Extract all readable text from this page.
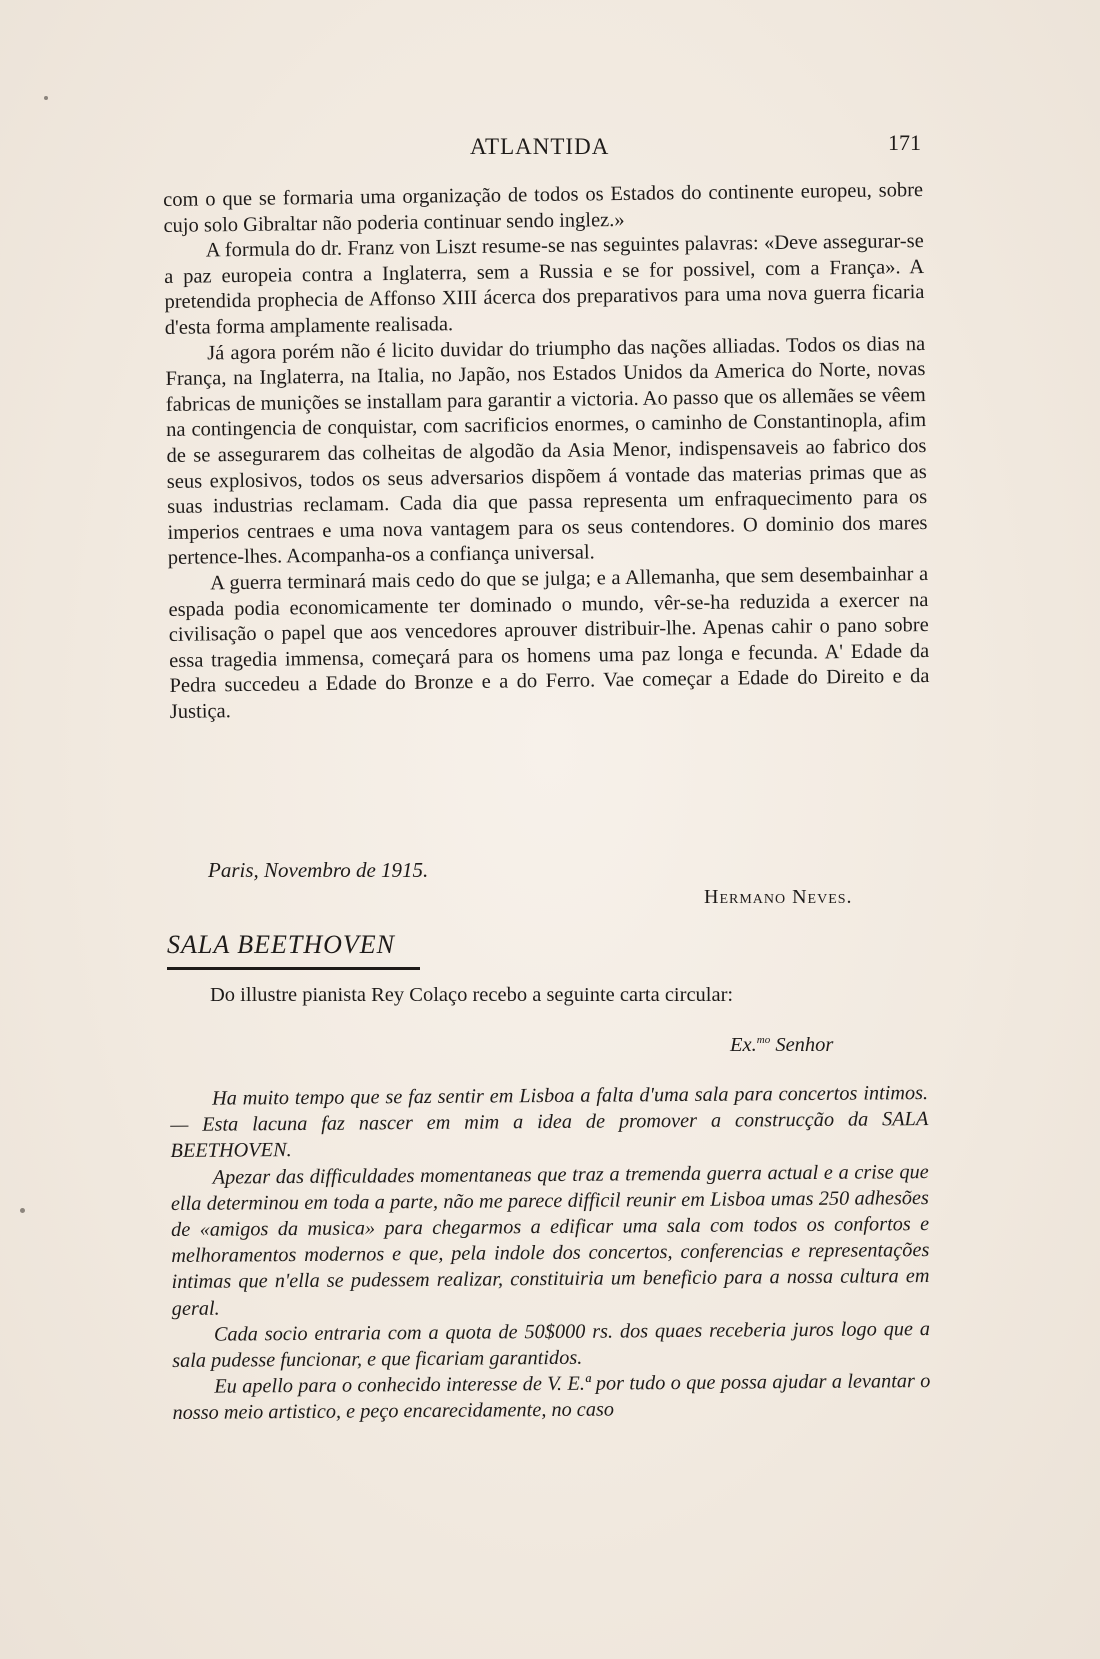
ATLANTIDA	171

com o que se formaria uma organização de todos os Estados do continente europeu, sobre cujo solo Gibraltar não poderia continuar sendo inglez.»

A formula do dr. Franz von Liszt resume-se nas seguintes palavras: «Deve assegurar-se a paz europeia contra a Inglaterra, sem a Russia e se for possivel, com a França». A pretendida prophecia de Affonso XIII ácerca dos preparativos para uma nova guerra ficaria d'esta forma amplamente realisada.

Já agora porém não é licito duvidar do triumpho das nações alliadas. Todos os dias na França, na Inglaterra, na Italia, no Japão, nos Estados Unidos da America do Norte, novas fabricas de munições se installam para garantir a victoria. Ao passo que os allemães se vêem na contingencia de conquistar, com sacrificios enormes, o caminho de Constantinopla, afim de se assegurarem das colheitas de algodão da Asia Menor, indispensaveis ao fabrico dos seus explosivos, todos os seus adversarios dispõem á vontade das materias primas que as suas industrias reclamam. Cada dia que passa representa um enfraquecimento para os imperios centraes e uma nova vantagem para os seus contendores. O dominio dos mares pertence-lhes. Acompanha-os a confiança universal.

A guerra terminará mais cedo do que se julga; e a Allemanha, que sem desembainhar a espada podia economicamente ter dominado o mundo, vêr-se-ha reduzida a exercer na civilisação o papel que aos vencedores aprouver distribuir-lhe. Apenas cahir o pano sobre essa tragedia immensa, começará para os homens uma paz longa e fecunda. A' Edade da Pedra succedeu a Edade do Bronze e a do Ferro. Vae começar a Edade do Direito e da Justiça.

Paris, Novembro de 1915.
Hermano Neves.
SALA BEETHOVEN
Do illustre pianista Rey Colaço recebo a seguinte carta circular:
Ex.$^{mo}$ Senhor

Ha muito tempo que se faz sentir em Lisboa a falta d'uma sala para concertos intimos. — Esta lacuna faz nascer em mim a idea de promover a construcção da SALA BEETHOVEN.

Apezar das difficuldades momentaneas que traz a tremenda guerra actual e a crise que ella determinou em toda a parte, não me parece difficil reunir em Lisboa umas 250 adhesões de «amigos da musica» para chegarmos a edificar uma sala com todos os confortos e melhoramentos modernos e que, pela indole dos concertos, conferencias e representações intimas que n'ella se pudessem realizar, constituiria um beneficio para a nossa cultura em geral.

Cada socio entraria com a quota de 50$000 rs. dos quaes receberia juros logo que a sala pudesse funcionar, e que ficariam garantidos.

Eu apello para o conhecido interesse de V. E.ª por tudo o que possa ajudar a levantar o nosso meio artistico, e peço encarecidamente, no caso
